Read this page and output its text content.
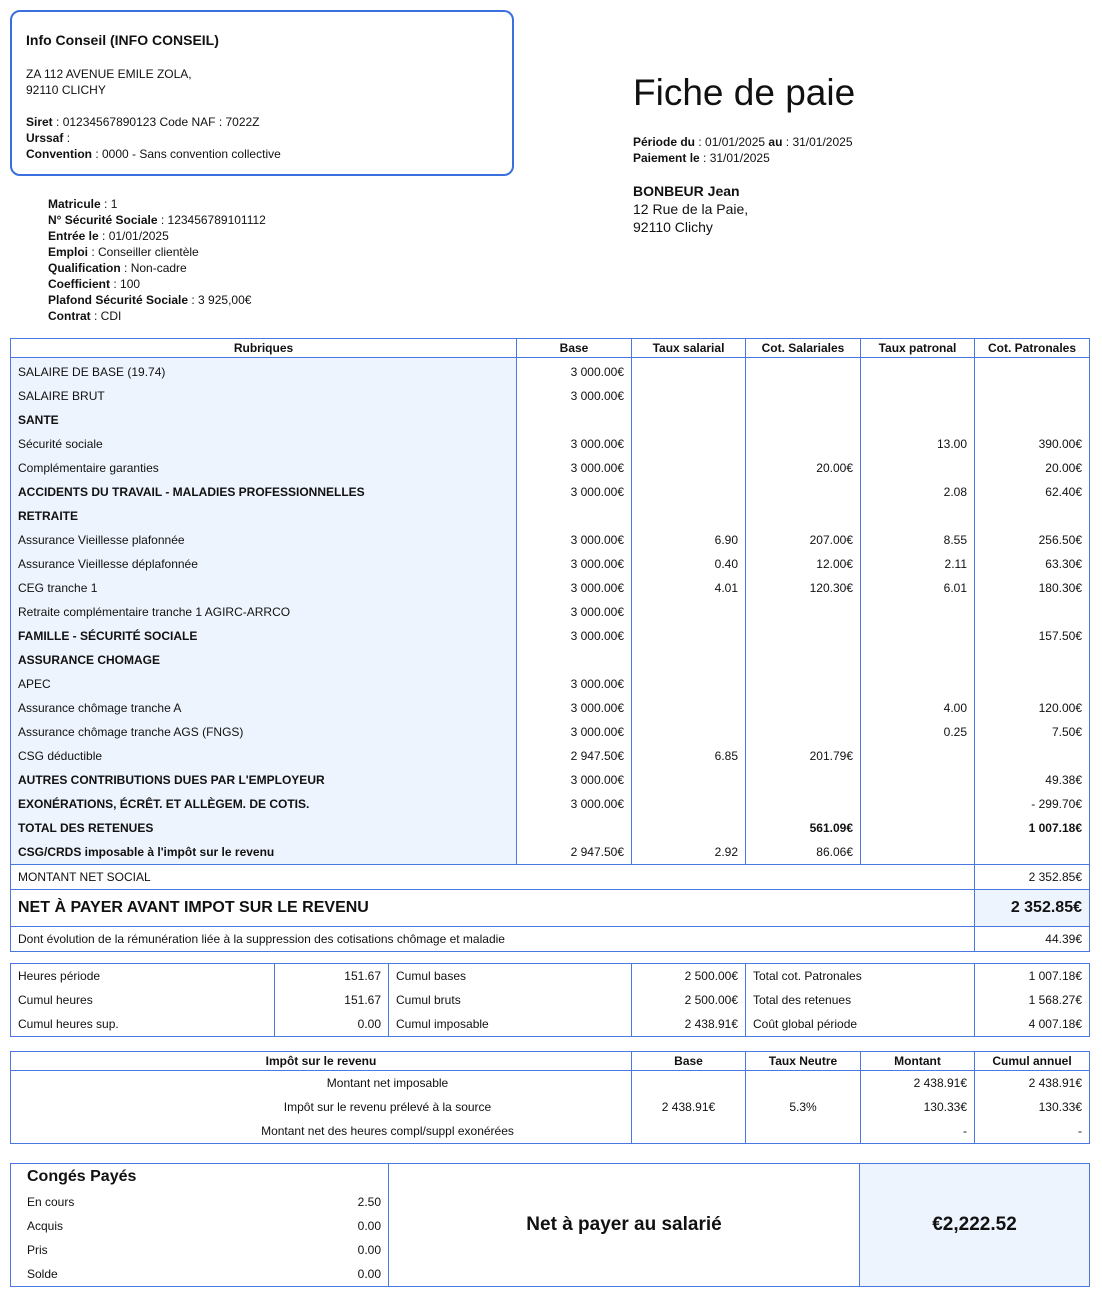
Info Conseil (INFO CONSEIL)
ZA 112 AVENUE EMILE ZOLA,
92110 CLICHY
Siret : 01234567890123 Code NAF : 7022Z
Urssaf :
Convention : 0000 - Sans convention collective
Fiche de paie
Période du : 01/01/2025 au : 31/01/2025
Paiement le : 31/01/2025
BONBEUR Jean
12 Rue de la Paie,
92110 Clichy
Matricule : 1
N° Sécurité Sociale : 123456789101112
Entrée le : 01/01/2025
Emploi : Conseiller clientèle
Qualification : Non-cadre
Coefficient : 100
Plafond Sécurité Sociale : 3 925,00€
Contrat : CDI
Rubriques	Base	Taux salarial	Cot. Salariales	Taux patronal	Cot. Patronales
SALAIRE DE BASE (19.74)	3 000.00€				
SALAIRE BRUT	3 000.00€				
SANTE					
Sécurité sociale	3 000.00€			13.00	390.00€
Complémentaire garanties	3 000.00€		20.00€		20.00€
ACCIDENTS DU TRAVAIL - MALADIES PROFESSIONNELLES	3 000.00€			2.08	62.40€
RETRAITE					
Assurance Vieillesse plafonnée	3 000.00€	6.90	207.00€	8.55	256.50€
Assurance Vieillesse déplafonnée	3 000.00€	0.40	12.00€	2.11	63.30€
CEG tranche 1	3 000.00€	4.01	120.30€	6.01	180.30€
Retraite complémentaire tranche 1 AGIRC-ARRCO	3 000.00€				
FAMILLE - SÉCURITÉ SOCIALE	3 000.00€				157.50€
ASSURANCE CHOMAGE					
APEC	3 000.00€				
Assurance chômage tranche A	3 000.00€			4.00	120.00€
Assurance chômage tranche AGS (FNGS)	3 000.00€			0.25	7.50€
CSG déductible	2 947.50€	6.85	201.79€		
AUTRES CONTRIBUTIONS DUES PAR L'EMPLOYEUR	3 000.00€				49.38€
EXONÉRATIONS, ÉCRÊT. ET ALLÈGEM. DE COTIS.	3 000.00€				- 299.70€
TOTAL DES RETENUES			561.09€		1 007.18€
CSG/CRDS imposable à l'impôt sur le revenu	2 947.50€	2.92	86.06€		
MONTANT NET SOCIAL					2 352.85€
NET À PAYER AVANT IMPOT SUR LE REVENU					2 352.85€
Dont évolution de la rémunération liée à la suppression des cotisations chômage et maladie					44.39€
Heures période	151.67	Cumul bases	2 500.00€	Total cot. Patronales	1 007.18€
Cumul heures	151.67	Cumul bruts	2 500.00€	Total des retenues	1 568.27€
Cumul heures sup.	0.00	Cumul imposable	2 438.91€	Coût global période	4 007.18€
Impôt sur le revenu	Base	Taux Neutre	Montant	Cumul annuel
Montant net imposable			2 438.91€	2 438.91€
Impôt sur le revenu prélevé à la source	2 438.91€	5.3%	130.33€	130.33€
Montant net des heures compl/suppl exonérées			-	-
Congés Payés
En cours	2.50
Acquis	0.00
Pris	0.00
Solde	0.00
	Net à payer au salarié	€2,222.52
